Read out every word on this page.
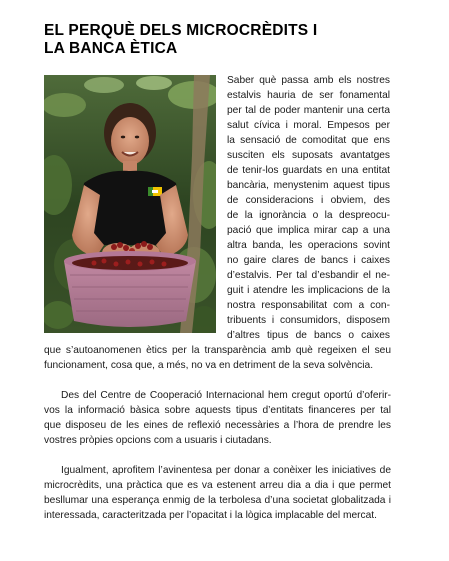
EL PERQUÈ DELS MICROCRÈDITS I
LA BANCA ÈTICA

Saber què passa amb els nostres

estalvis hauria de ser fonamental

per tal de poder mantenir una certa

salut cívica i moral. Empesos per

la sensació de comoditat que ens

susciten els suposats avantatges

de tenir-los guardats en una entitat

bancària, menystenim aquest tipus

de consideracions i obviem, des

de la ignorància o la despreocu-

pació que implica mirar cap a una

altra banda, les operacions sovint

no gaire clares de bancs i caixes

d’estalvis. Per tal d’esbandir el ne-

guit i atendre les implicacions de la

nostra responsabilitat com a con-

tribuents i consumidors, disposem

d’altres tipus de bancs o caixes

que s’autoanomenen ètics per la transparència amb què regeixen el seu

funcionament, cosa que, a més, no va en detriment de la seva solvència.

Des del Centre de Cooperació Internacional hem cregut oportú d’oferir-

vos la informació bàsica sobre aquests tipus d’entitats financeres per tal

que disposeu de les eines de reflexió necessàries a l’hora de prendre les

vostres pròpies opcions com a usuaris i ciutadans.

Igualment, aprofitem l’avinentesa per donar a conèixer les iniciatives de

microcrèdits, una pràctica que es va estenent arreu dia a dia i que permet

besllumar una esperança enmig de la terbolesa d’una societat globalitzada i

interessada, caracteritzada per l’opacitat i la lògica implacable del mercat.
